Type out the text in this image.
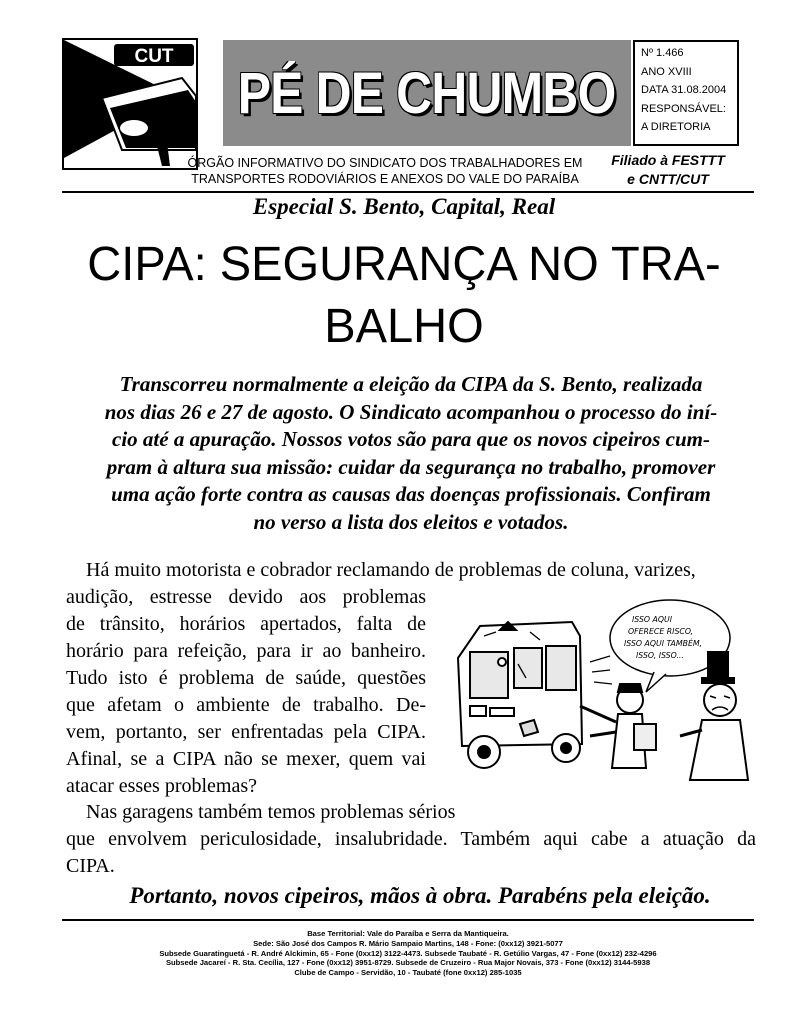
CUT
PÉ DE CHUMBO
Nº 1.466
ANO XVIII
DATA 31.08.2004
RESPONSÁVEL:
A DIRETORIA
ÓRGÃO INFORMATIVO DO SINDICATO DOS TRABALHADORES EM
TRANSPORTES RODOVIÁRIOS E ANEXOS DO VALE DO PARAÍBA
Filiado à FESTTT
e CNTT/CUT
Especial S. Bento, Capital, Real
CIPA: SEGURANÇA NO TRA-
BALHO
Transcorreu normalmente a eleição da CIPA da S. Bento, realizada
nos dias 26 e 27 de agosto. O Sindicato acompanhou o processo do iní-
cio até a apuração. Nossos votos são para que os novos cipeiros cum-
pram à altura sua missão: cuidar da segurança no trabalho, promover
uma ação forte contra as causas das doenças profissionais. Confiram
no verso a lista dos eleitos e votados.
Há muito motorista e cobrador reclamando de problemas de coluna, varizes,
audição, estresse devido aos problemas
de trânsito, horários apertados, falta de
horário para refeição, para ir ao banheiro.
Tudo isto é problema de saúde, questões
que afetam o ambiente de trabalho. De-
vem, portanto, ser enfrentadas pela CIPA.
Afinal, se a CIPA não se mexer, quem vai
atacar esses problemas?
ISSO AQUI
OFERECE RISCO,
ISSO AQUI TAMBÉM,
ISSO, ISSO...
Nas garagens também temos problemas sérios
que envolvem periculosidade, insalubridade. Também aqui cabe a atuação da
CIPA.
Portanto, novos cipeiros, mãos à obra. Parabéns pela eleição.
Base Territorial: Vale do Paraíba e Serra da Mantiqueira.
Sede: São José dos Campos R. Mário Sampaio Martins, 148 - Fone: (0xx12) 3921-5077
Subsede Guaratinguetá - R. André Alckimin, 65 - Fone (0xx12) 3122-4473. Subsede Taubaté - R. Getúlio Vargas, 47 - Fone (0xx12) 232-4296
Subsede Jacareí - R. Sta. Cecília, 127 - Fone (0xx12) 3951-8729. Subsede de Cruzeiro - Rua Major Novais, 373 - Fone (0xx12) 3144-5938
Clube de Campo - Servidão, 10 - Taubaté (fone 0xx12) 285-1035
